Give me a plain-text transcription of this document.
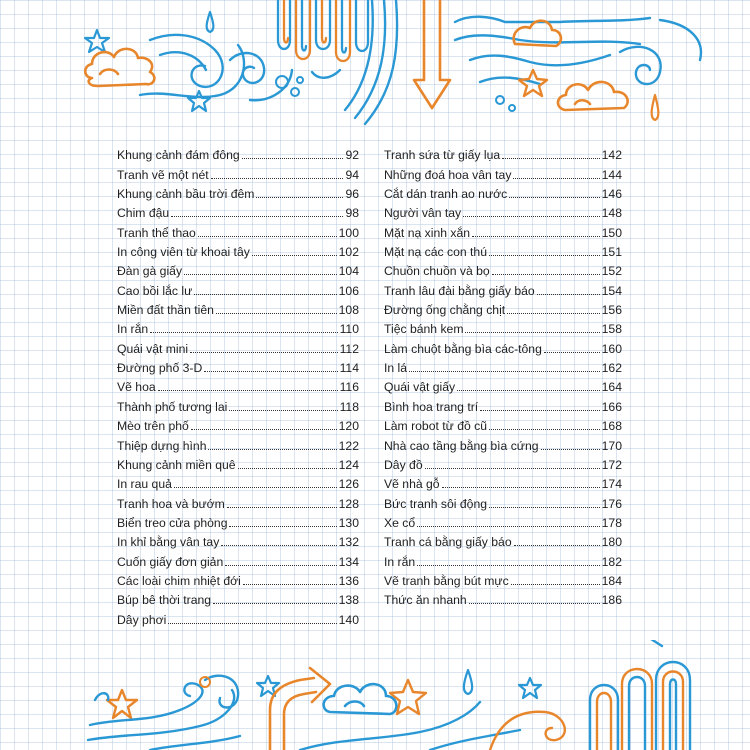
Khung cảnh đám đông	92
Tranh vẽ một nét	94
Khung cảnh bầu trời đêm	96
Chim đậu	98
Tranh thể thao	100
In công viên từ khoai tây	102
Đàn gà giấy	104
Cao bồi lắc lư	106
Miền đất thần tiên	108
In rắn	110
Quái vật mini	112
Đường phố 3-D	114
Vẽ hoa	116
Thành phố tương lai	118
Mèo trên phố	120
Thiệp dựng hình	122
Khung cảnh miền quê	124
In rau quả	126
Tranh hoa và bướm	128
Biển treo cửa phòng	130
In khỉ bằng vân tay	132
Cuốn giấy đơn giản	134
Các loài chim nhiệt đới	136
Búp bê thời trang	138
Dây phơi	140
Tranh sứa từ giấy lụa	142
Những đoá hoa vân tay	144
Cắt dán tranh ao nước	146
Người vân tay	148
Mặt nạ xinh xắn	150
Mặt nạ các con thú	151
Chuồn chuồn và bọ	152
Tranh lâu đài bằng giấy báo	154
Đường ống chằng chịt	156
Tiệc bánh kem	158
Làm chuột bằng bìa các-tông	160
In lá	162
Quái vật giấy	164
Bình hoa trang trí	166
Làm robot từ đồ cũ	168
Nhà cao tầng bằng bìa cứng	170
Dây đồ	172
Vẽ nhà gỗ	174
Bức tranh sôi động	176
Xe cổ	178
Tranh cá bằng giấy báo	180
In rắn	182
Vẽ tranh bằng bút mực	184
Thức ăn nhanh	186
